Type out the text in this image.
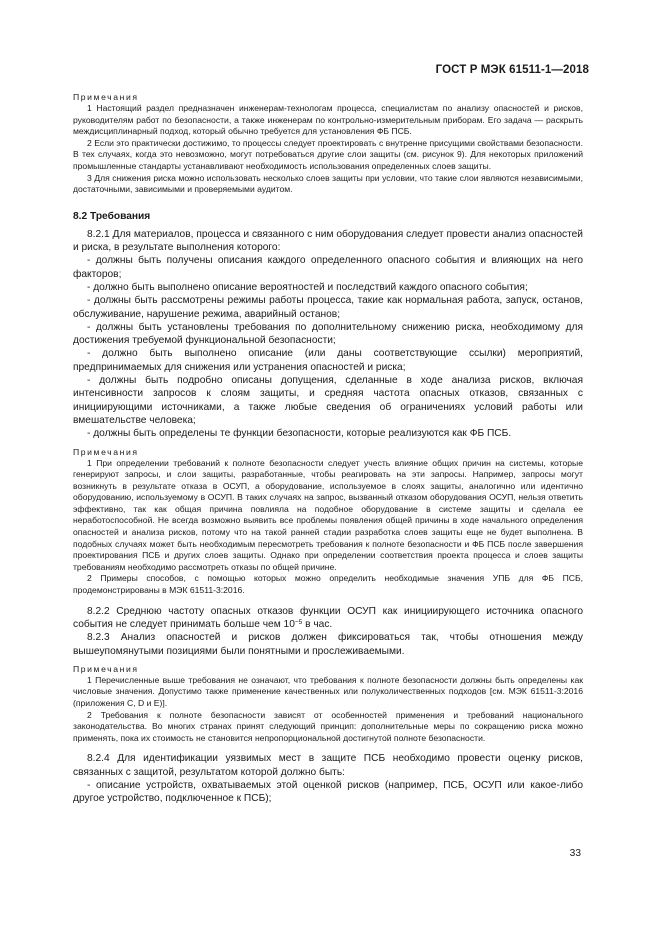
ГОСТ Р МЭК 61511-1—2018

Примечания

1 Настоящий раздел предназначен инженерам-технологам процесса, специалистам по анализу опасностей и рисков, руководителям работ по безопасности, а также инженерам по контрольно-измерительным приборам. Его задача — раскрыть междисциплинарный подход, который обычно требуется для установления ФБ ПСБ.

2 Если это практически достижимо, то процессы следует проектировать с внутренне присущими свойствами безопасности. В тех случаях, когда это невозможно, могут потребоваться другие слои защиты (см. рисунок 9). Для некоторых приложений промышленные стандарты устанавливают необходимость использования определенных слоев защиты.

3 Для снижения риска можно использовать несколько слоев защиты при условии, что такие слои являются независимыми, достаточными, зависимыми и проверяемыми аудитом.

8.2 Требования

8.2.1 Для материалов, процесса и связанного с ним оборудования следует провести анализ опасностей и риска, в результате выполнения которого:

- должны быть получены описания каждого определенного опасного события и влияющих на него факторов;

- должно быть выполнено описание вероятностей и последствий каждого опасного события;

- должны быть рассмотрены режимы работы процесса, такие как нормальная работа, запуск, останов, обслуживание, нарушение режима, аварийный останов;

- должны быть установлены требования по дополнительному снижению риска, необходимому для достижения требуемой функциональной безопасности;

- должно быть выполнено описание (или даны соответствующие ссылки) мероприятий, предпринимаемых для снижения или устранения опасностей и риска;

- должны быть подробно описаны допущения, сделанные в ходе анализа рисков, включая интенсивности запросов к слоям защиты, и средняя частота опасных отказов, связанных с инициирующими источниками, а также любые сведения об ограничениях условий работы или вмешательстве человека;

- должны быть определены те функции безопасности, которые реализуются как ФБ ПСБ.

Примечания

1 При определении требований к полноте безопасности следует учесть влияние общих причин на системы, которые генерируют запросы, и слои защиты, разработанные, чтобы реагировать на эти запросы. Например, запросы могут возникнуть в результате отказа в ОСУП, а оборудование, используемое в слоях защиты, аналогично или идентично оборудованию, используемому в ОСУП. В таких случаях на запрос, вызванный отказом оборудования ОСУП, нельзя ответить эффективно, так как общая причина повлияла на подобное оборудование в системе защиты и сделала ее неработоспособной. Не всегда возможно выявить все проблемы появления общей причины в ходе начального определения опасностей и анализа рисков, потому что на такой ранней стадии разработка слоев защиты еще не будет выполнена. В подобных случаях может быть необходимым пересмотреть требования к полноте безопасности и ФБ ПСБ после завершения проектирования ПСБ и других слоев защиты. Однако при определении соответствия проекта процесса и слоев защиты требованиям необходимо рассмотреть отказы по общей причине.

2 Примеры способов, с помощью которых можно определить необходимые значения УПБ для ФБ ПСБ, продемонстрированы в МЭК 61511-3:2016.

8.2.2 Среднюю частоту опасных отказов функции ОСУП как инициирующего источника опасного события не следует принимать больше чем $10^{-5}$ в час.

8.2.3 Анализ опасностей и рисков должен фиксироваться так, чтобы отношения между вышеупомянутыми позициями были понятными и прослеживаемыми.

Примечания

1 Перечисленные выше требования не означают, что требования к полноте безопасности должны быть определены как числовые значения. Допустимо также применение качественных или полуколичественных подходов [см. МЭК 61511-3:2016 (приложения C, D и E)].

2 Требования к полноте безопасности зависят от особенностей применения и требований национального законодательства. Во многих странах принят следующий принцип: дополнительные меры по сокращению риска можно применять, пока их стоимость не становится непропорциональной достигнутой полноте безопасности.

8.2.4 Для идентификации уязвимых мест в защите ПСБ необходимо провести оценку рисков, связанных с защитой, результатом которой должно быть:

- описание устройств, охватываемых этой оценкой рисков (например, ПСБ, ОСУП или какое-либо другое устройство, подключенное к ПСБ);

33
